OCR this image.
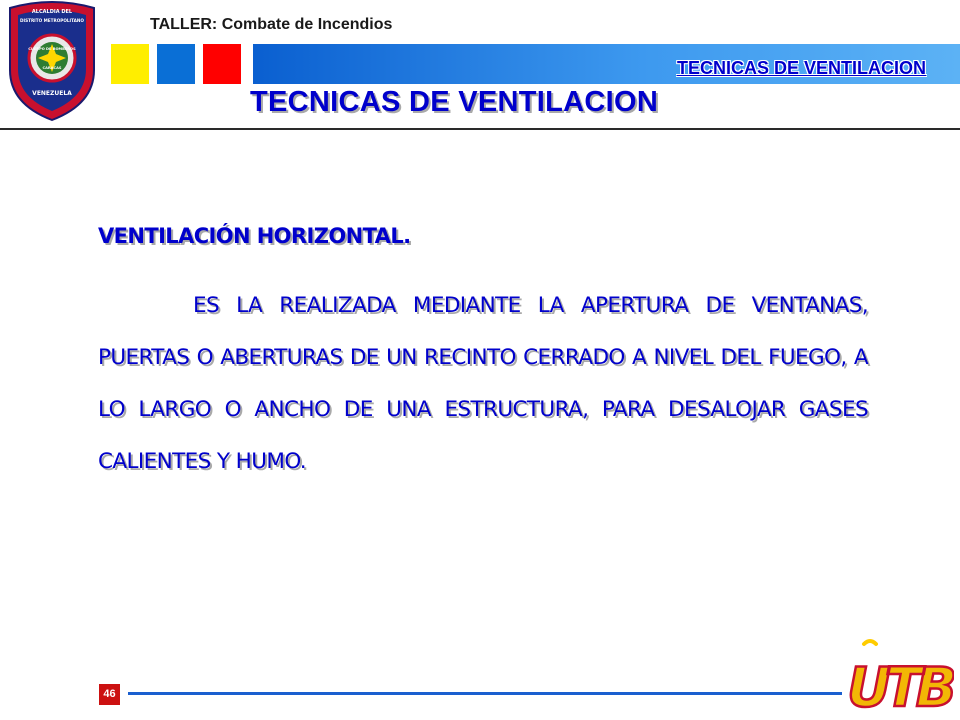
ALCALDIA DEL
DISTRITO METROPOLITANO
CUERPO DE BOMBEROS
CARACAS
VENEZUELA
TALLER: Combate de Incendios
TECNICAS DE VENTILACION
TECNICAS DE VENTILACION
VENTILACIÓN HORIZONTAL.
ES LA REALIZADA MEDIANTE LA APERTURA DE VENTANAS, PUERTAS O ABERTURAS DE UN RECINTO CERRADO A NIVEL DEL FUEGO, A LO LARGO O ANCHO DE UNA ESTRUCTURA, PARA DESALOJAR GASES CALIENTES Y HUMO.
46	UTB
